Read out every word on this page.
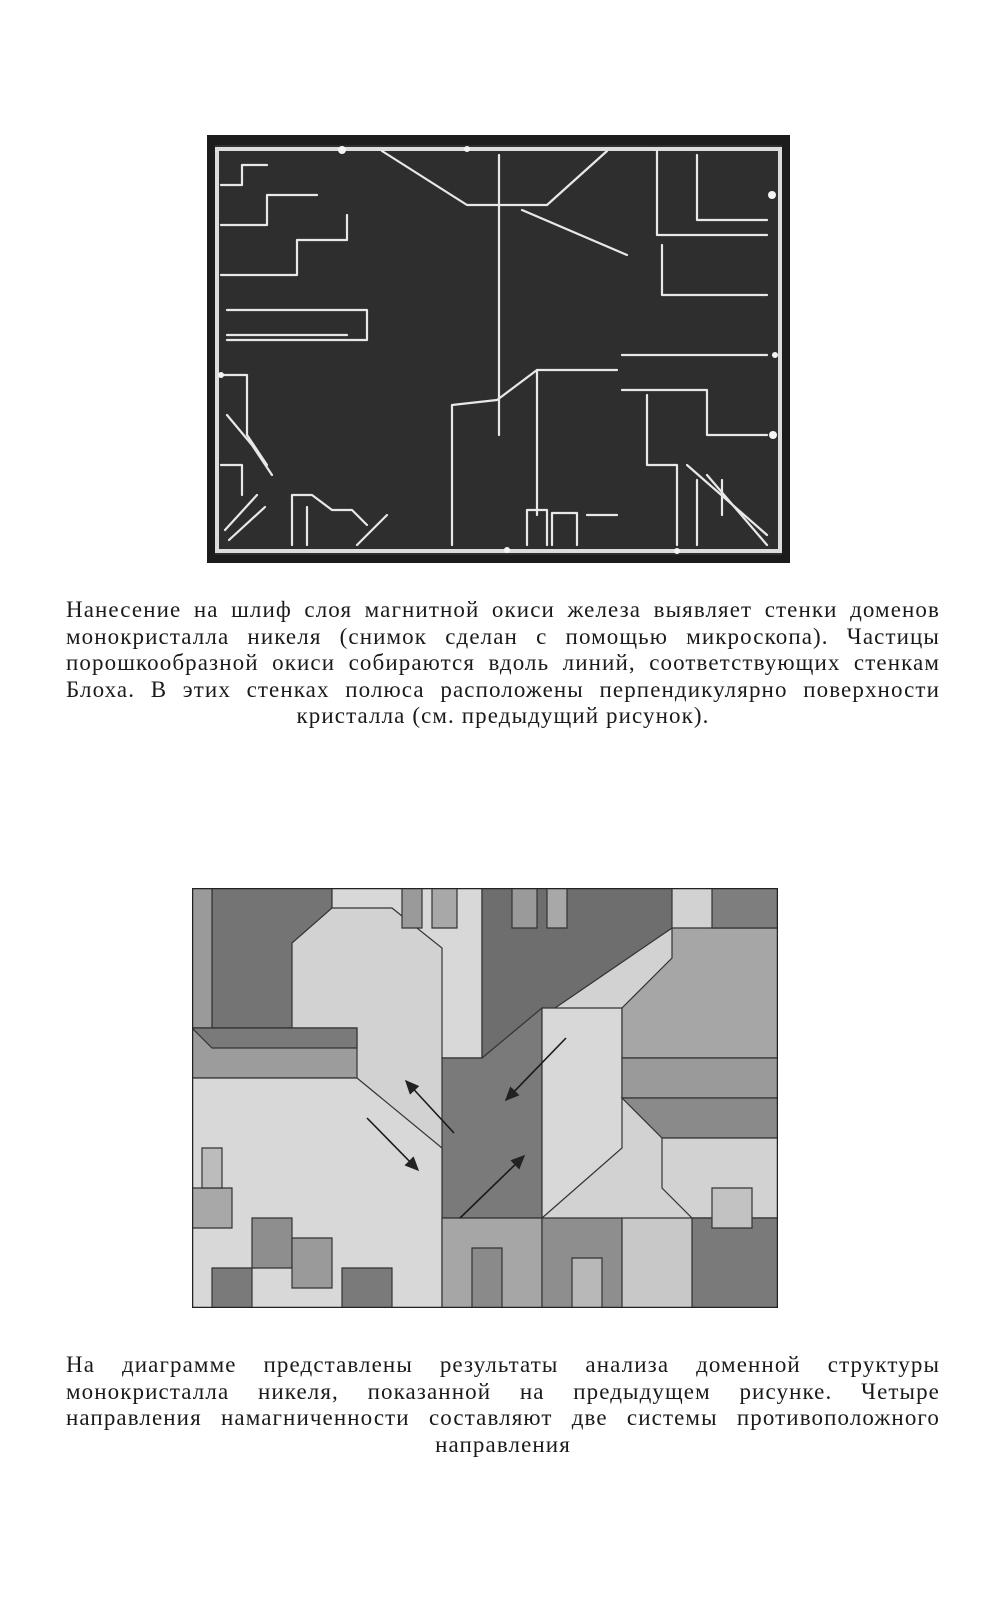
Нанесение на шлиф слоя магнитной окиси железа выявляет стенки доменов монокристалла никеля (снимок сделан с помощью микроскопа). Частицы порошкообразной окиси собираются вдоль линий, соответствующих стенкам Блоха. В этих стенках полюса расположены перпендикулярно поверхности кристалла (см. предыдущий рисунок).
На диаграмме представлены результаты анализа доменной структуры монокристалла никеля, показанной на предыдущем рисунке. Четыре направления намагниченности составляют две системы противоположного направления
